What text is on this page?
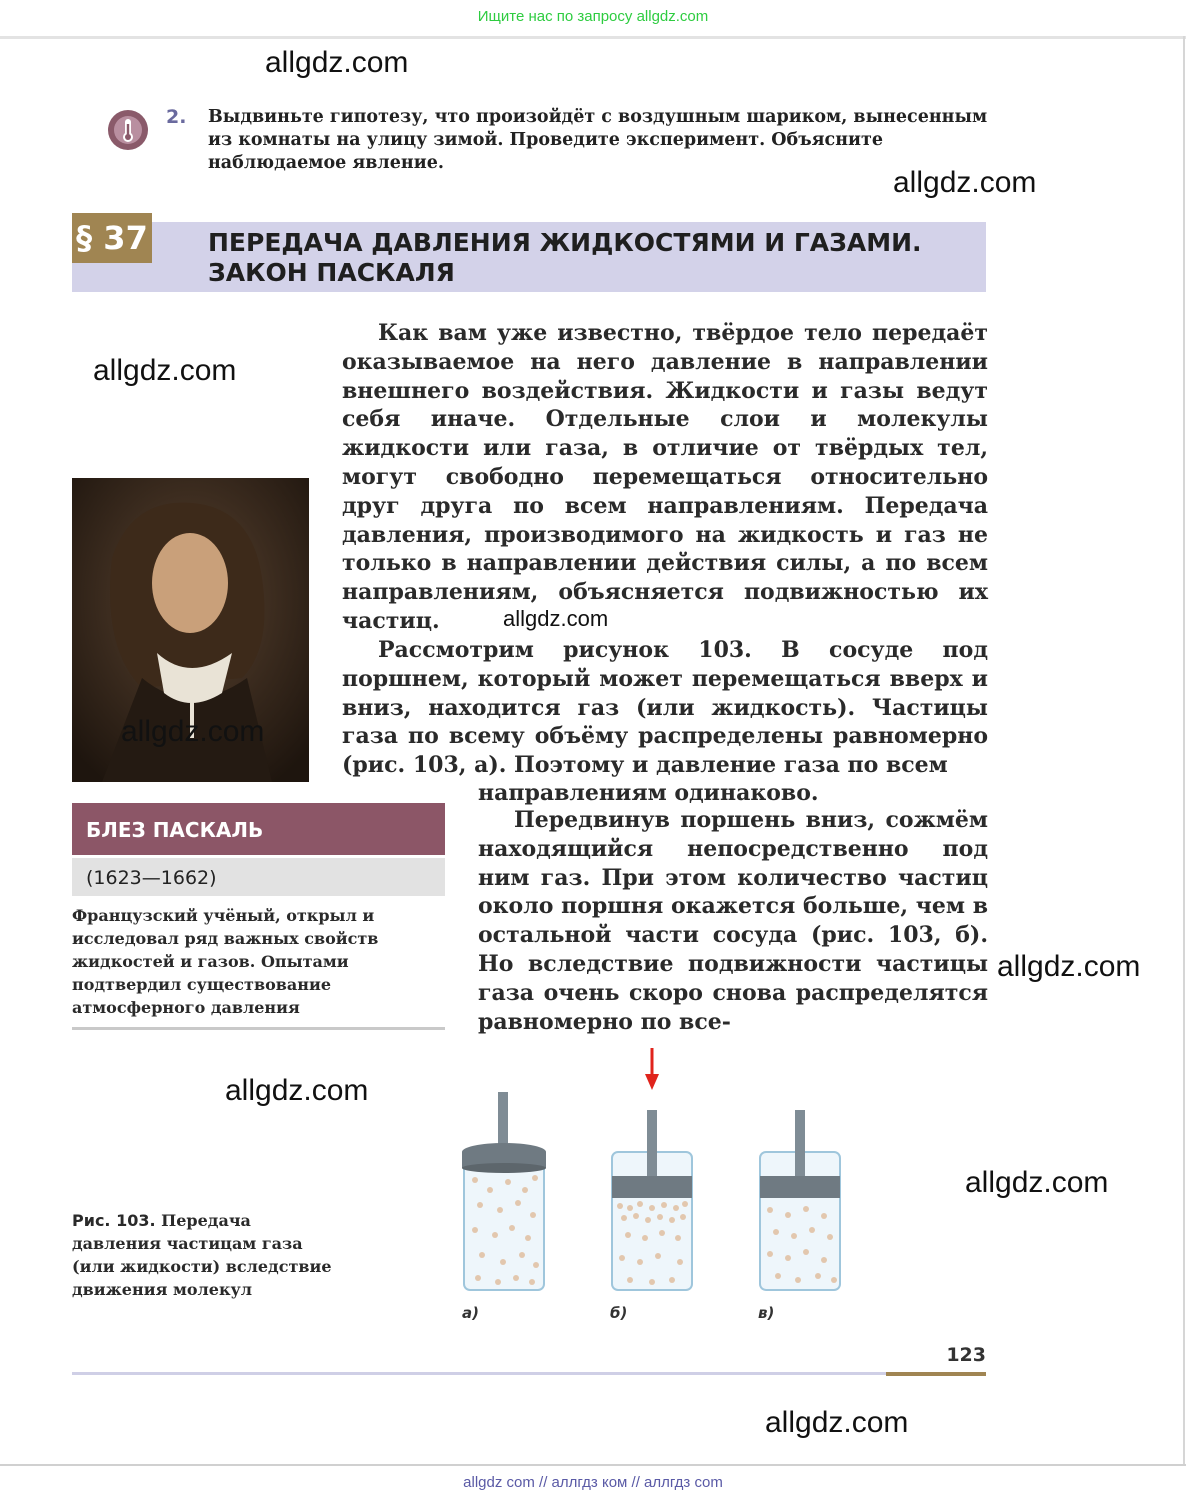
Ищите нас по запросу allgdz.com
allgdz com // аллгдз ком // аллгдз com
2. Выдвиньте гипотезу, что произойдёт с воздушным шариком, вынесенным из комнаты на улицу зимой. Проведите эксперимент. Объясните наблюдаемое явление.
§ 37 ПЕРЕДАЧА ДАВЛЕНИЯ ЖИДКОСТЯМИ И ГАЗАМИ.
ЗАКОН ПАСКАЛЯ
Как вам уже известно, твёрдое тело передаёт оказываемое на него давление в направлении внешнего воздействия. Жидкости и газы ведут себя иначе. Отдельные слои и молекулы жидкости или газа, в отличие от твёрдых тел, могут свободно перемещаться относительно друг друга по всем направлениям. Передача давления, производимого на жидкость и газ не только в направлении действия силы, а по всем направлениям, объясняется подвижностью их частиц.
Рассмотрим рисунок 103. В сосуде под поршнем, который может перемещаться вверх и вниз, находится газ (или жидкость). Частицы газа по всему объёму распределены равномерно (рис. 103, а). Поэтому и давление газа по всем
направлениям одинаково.
Передвинув поршень вниз, сожмём находящийся непосредственно под ним газ. При этом количество частиц около поршня окажется больше, чем в остальной части сосуда (рис. 103, б). Но вследствие подвижности частицы газа очень скоро снова распределятся равномерно по все-
БЛЕЗ ПАСКАЛЬ
(1623—1662)
Французский учёный, открыл и исследовал ряд важных свойств жидкостей и газов. Опытами подтвердил существование атмосферного давления
Рис. 103. Передача давления частицам газа (или жидкости) вследствие движения молекул
а)	б)	в)
123
allgdz.com
allgdz.com
allgdz.com
allgdz.com
allgdz.com
allgdz.com
allgdz.com
allgdz.com
allgdz.com
